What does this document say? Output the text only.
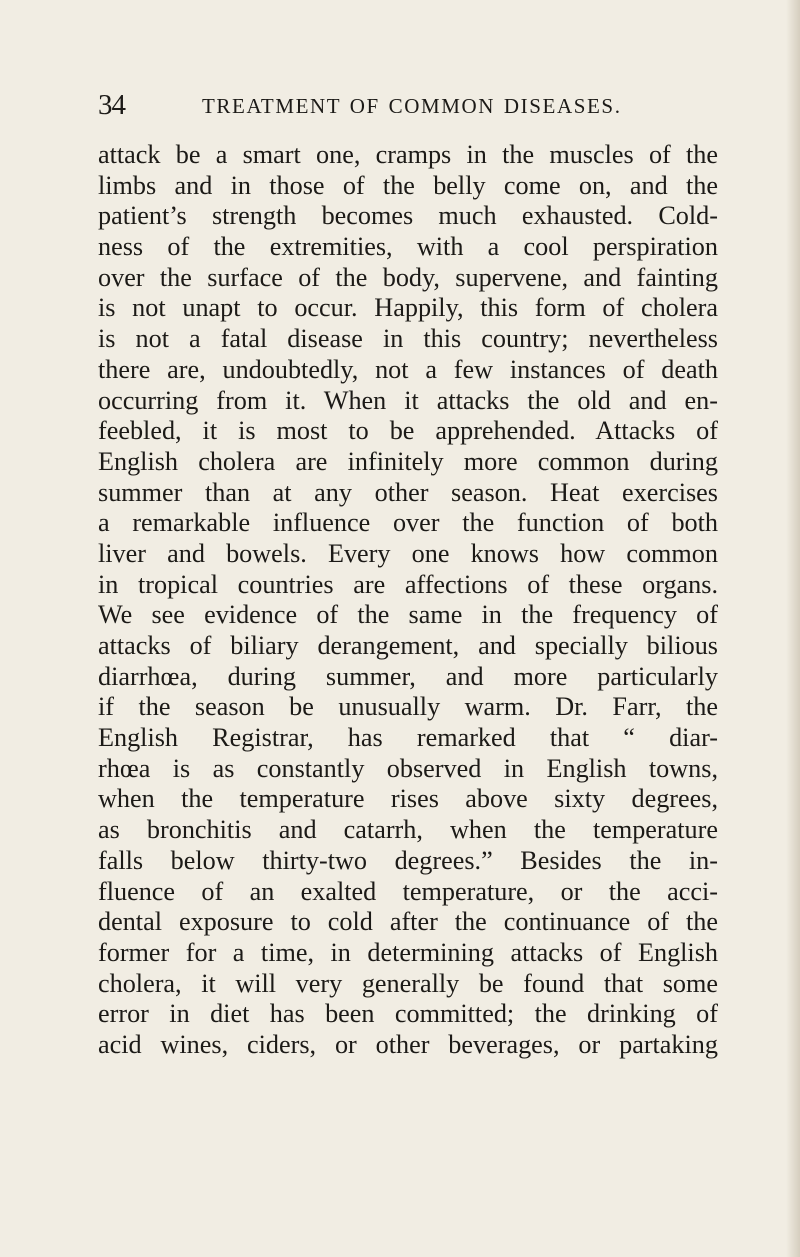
34	TREATMENT OF COMMON DISEASES.
attack be a smart one, cramps in the muscles of the
limbs and in those of the belly come on, and the
patient’s strength becomes much exhausted. Cold-
ness of the extremities, with a cool perspiration
over the surface of the body, supervene, and fainting
is not unapt to occur. Happily, this form of cholera
is not a fatal disease in this country; nevertheless
there are, undoubtedly, not a few instances of death
occurring from it. When it attacks the old and en-
feebled, it is most to be apprehended. Attacks of
English cholera are infinitely more common during
summer than at any other season. Heat exercises
a remarkable influence over the function of both
liver and bowels. Every one knows how common
in tropical countries are affections of these organs.
We see evidence of the same in the frequency of
attacks of biliary derangement, and specially bilious
diarrhœa, during summer, and more particularly
if the season be unusually warm. Dr. Farr, the
English Registrar, has remarked that “ diar-
rhœa is as constantly observed in English towns,
when the temperature rises above sixty degrees,
as bronchitis and catarrh, when the temperature
falls below thirty-two degrees.” Besides the in-
fluence of an exalted temperature, or the acci-
dental exposure to cold after the continuance of the
former for a time, in determining attacks of English
cholera, it will very generally be found that some
error in diet has been committed; the drinking of
acid wines, ciders, or other beverages, or partaking
